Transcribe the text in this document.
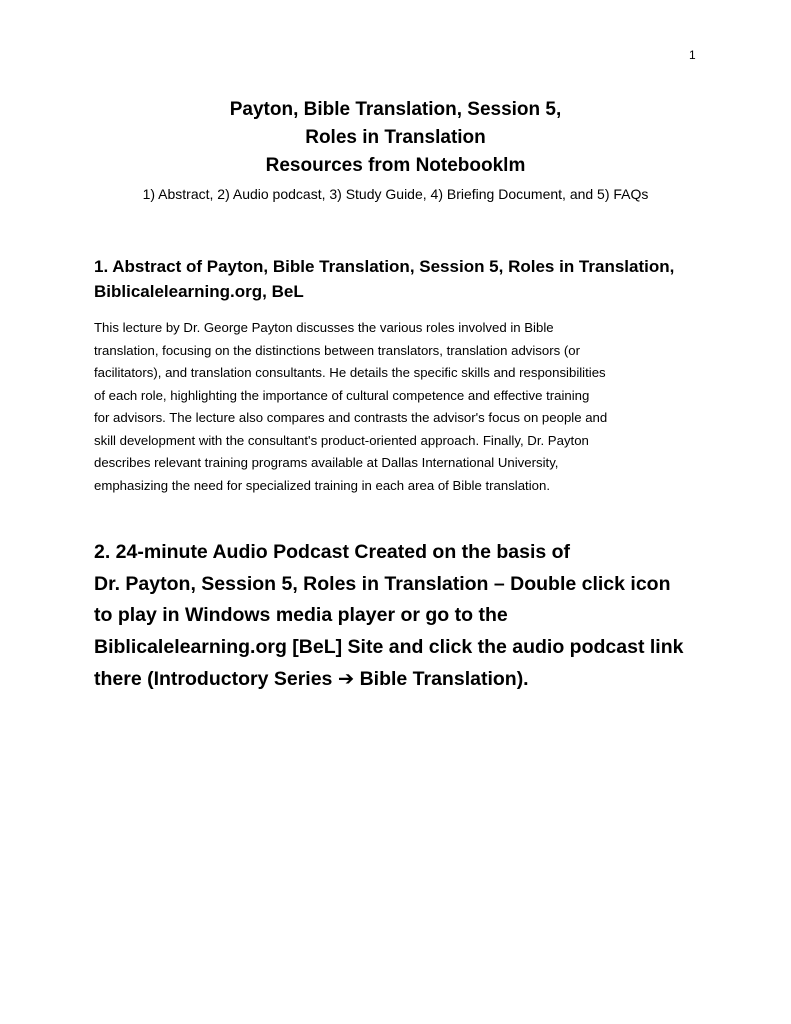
1
Payton, Bible Translation, Session 5,
Roles in Translation
Resources from Notebooklm
1) Abstract, 2) Audio podcast, 3) Study Guide, 4) Briefing Document, and 5) FAQs
1. Abstract of Payton, Bible Translation, Session 5, Roles in Translation,
Biblicalelearning.org, BeL
This lecture by Dr. George Payton discusses the various roles involved in Bible
translation, focusing on the distinctions between translators, translation advisors (or
facilitators), and translation consultants. He details the specific skills and responsibilities
of each role, highlighting the importance of cultural competence and effective training
for advisors. The lecture also compares and contrasts the advisor's focus on people and
skill development with the consultant's product-oriented approach. Finally, Dr. Payton
describes relevant training programs available at Dallas International University,
emphasizing the need for specialized training in each area of Bible translation.
2. 24-minute Audio Podcast Created on the basis of
Dr. Payton, Session 5, Roles in Translation – Double click icon
to play in Windows media player or go to the
Biblicalelearning.org [BeL] Site and click the audio podcast link
there (Introductory Series ➔ Bible Translation).
